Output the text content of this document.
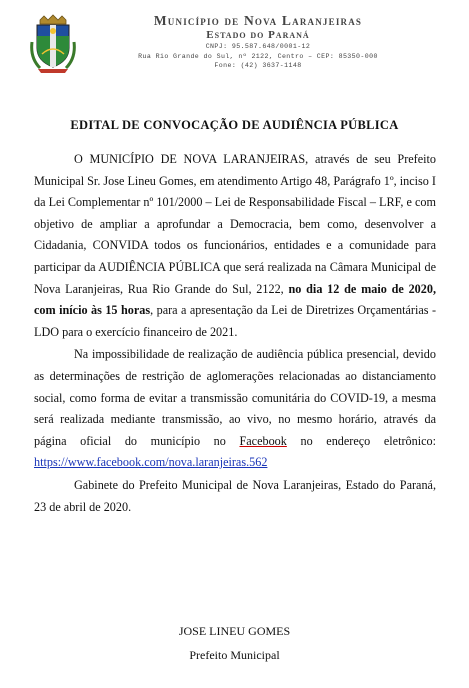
Município de Nova Laranjeiras
Estado do Paraná
CNPJ: 95.587.648/0001-12
Rua Rio Grande do Sul, nº 2122, Centro – CEP: 85350-000
Fone: (42) 3637-1148
EDITAL DE CONVOCAÇÃO DE AUDIÊNCIA PÚBLICA

O MUNICÍPIO DE NOVA LARANJEIRAS, através de seu Prefeito Municipal Sr. Jose Lineu Gomes, em atendimento Artigo 48, Parágrafo 1º, inciso I da Lei Complementar nº 101/2000 – Lei de Responsabilidade Fiscal – LRF, e com objetivo de ampliar a aprofundar a Democracia, bem como, desenvolver a Cidadania, CONVIDA todos os funcionários, entidades e a comunidade para participar da AUDIÊNCIA PÚBLICA que será realizada na Câmara Municipal de Nova Laranjeiras, Rua Rio Grande do Sul, 2122, no dia 12 de maio de 2020, com início às 15 horas, para a apresentação da Lei de Diretrizes Orçamentárias - LDO para o exercício financeiro de 2021.

Na impossibilidade de realização de audiência pública presencial, devido as determinações de restrição de aglomerações relacionadas ao distanciamento social, como forma de evitar a transmissão comunitária do COVID-19, a mesma será realizada mediante transmissão, ao vivo, no mesmo horário, através da página oficial do município no Facebook no endereço eletrônico: https://www.facebook.com/nova.laranjeiras.562

Gabinete do Prefeito Municipal de Nova Laranjeiras, Estado do Paraná, 23 de abril de 2020.

JOSE LINEU GOMES
Prefeito Municipal
